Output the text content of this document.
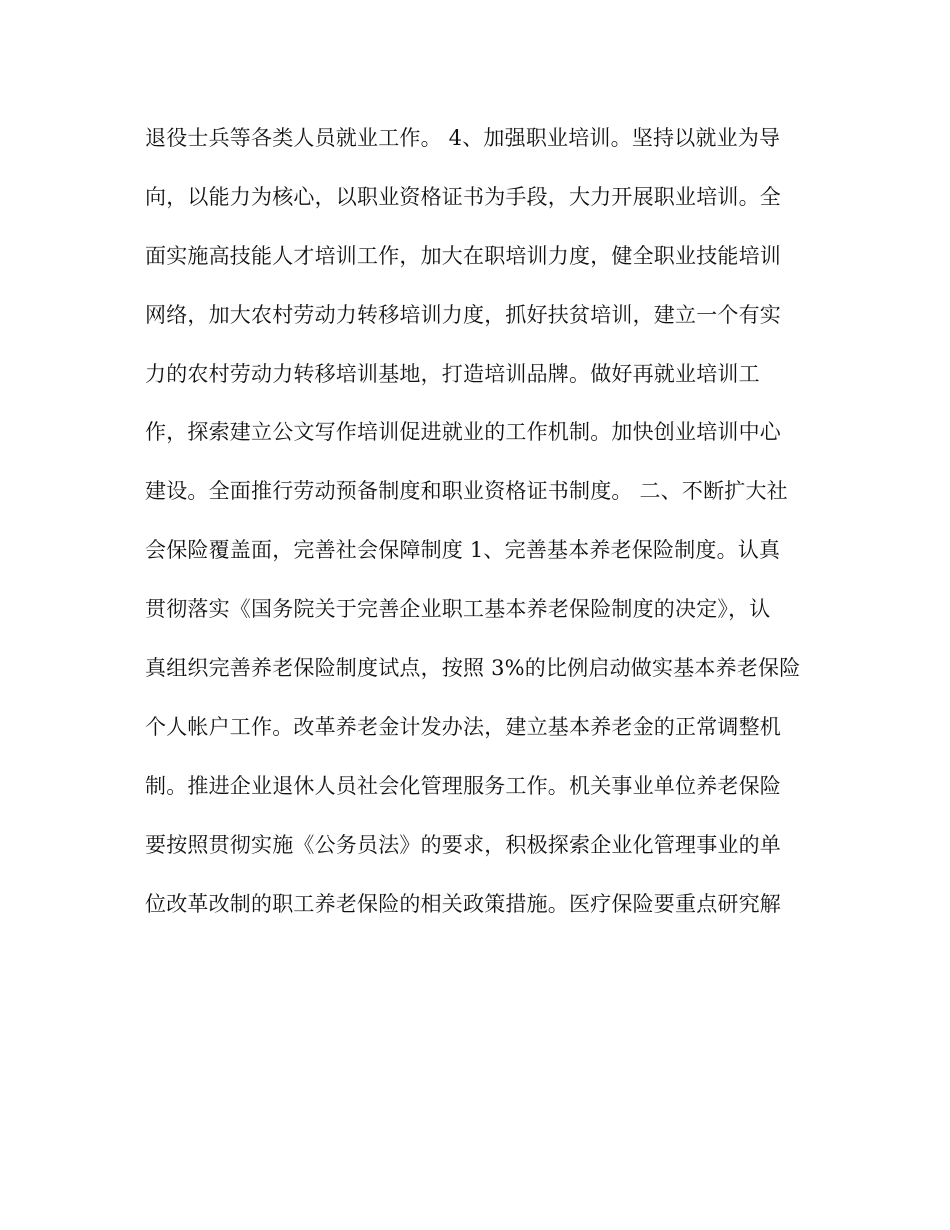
退役士兵等各类人员就业工作。 4、加强职业培训。坚持以就业为导
向，以能力为核心，以职业资格证书为手段，大力开展职业培训。全
面实施高技能人才培训工作，加大在职培训力度，健全职业技能培训
网络，加大农村劳动力转移培训力度，抓好扶贫培训，建立一个有实
力的农村劳动力转移培训基地，打造培训品牌。做好再就业培训工
作，探索建立公文写作培训促进就业的工作机制。加快创业培训中心
建设。全面推行劳动预备制度和职业资格证书制度。 二、不断扩大社
会保险覆盖面，完善社会保障制度 1、完善基本养老保险制度。认真
贯彻落实《国务院关于完善企业职工基本养老保险制度的决定》，认
真组织完善养老保险制度试点，按照 3%的比例启动做实基本养老保险
个人帐户工作。改革养老金计发办法，建立基本养老金的正常调整机
制。推进企业退休人员社会化管理服务工作。机关事业单位养老保险
要按照贯彻实施《公务员法》的要求，积极探索企业化管理事业的单
位改革改制的职工养老保险的相关政策措施。医疗保险要重点研究解
